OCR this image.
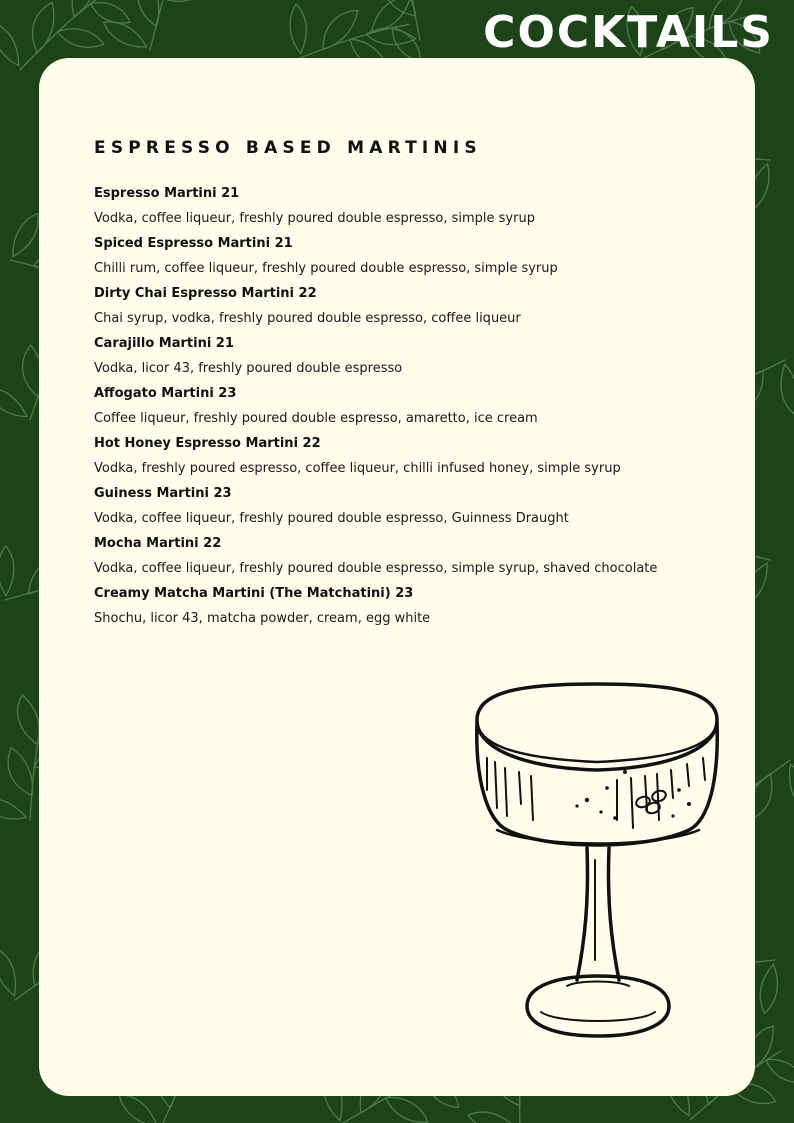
COCKTAILS
ESPRESSO BASED MARTINIS
Espresso Martini 21
Vodka, coffee liqueur, freshly poured double espresso, simple syrup
Spiced Espresso Martini 21
Chilli rum, coffee liqueur, freshly poured double espresso, simple syrup
Dirty Chai Espresso Martini 22
Chai syrup, vodka, freshly poured double espresso, coffee liqueur
Carajillo Martini 21
Vodka, licor 43, freshly poured double espresso
Affogato Martini 23
Coffee liqueur, freshly poured double espresso, amaretto, ice cream
Hot Honey Espresso Martini 22
Vodka, freshly poured espresso, coffee liqueur, chilli infused honey, simple syrup
Guiness Martini 23
Vodka, coffee liqueur, freshly poured double espresso, Guinness Draught
Mocha Martini 22
Vodka, coffee liqueur, freshly poured double espresso, simple syrup, shaved chocolate
Creamy Matcha Martini (The Matchatini) 23
Shochu, licor 43, matcha powder, cream, egg white
